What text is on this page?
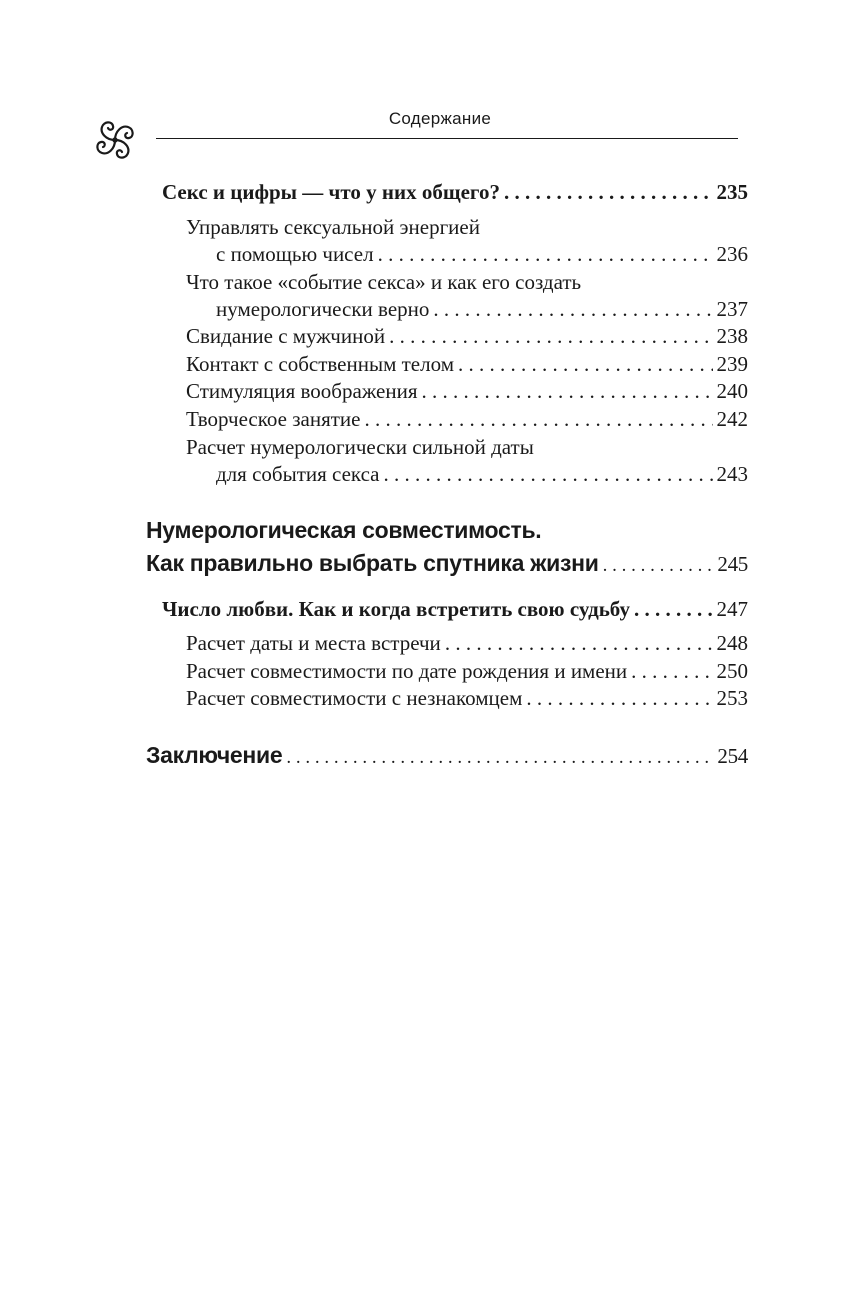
Содержание
Секс и цифры — что у них общего? . . .	235
Управлять сексуальной энергией
с помощью чисел . . .	236
Что такое «событие секса» и как его создать
нумерологически верно . . .	237
Свидание с мужчиной . . .	238
Контакт с собственным телом . . .	239
Стимуляция воображения . . .	240
Творческое занятие . . .	242
Расчет нумерологически сильной даты
для события секса . . .	243
Нумерологическая совместимость.
Как правильно выбрать спутника жизни . . .	245
Число любви. Как и когда встретить свою судьбу . . .	247
Расчет даты и места встречи . . .	248
Расчет совместимости по дате рождения и имени . . .	250
Расчет совместимости с незнакомцем . . .	253
Заключение . . .	254
